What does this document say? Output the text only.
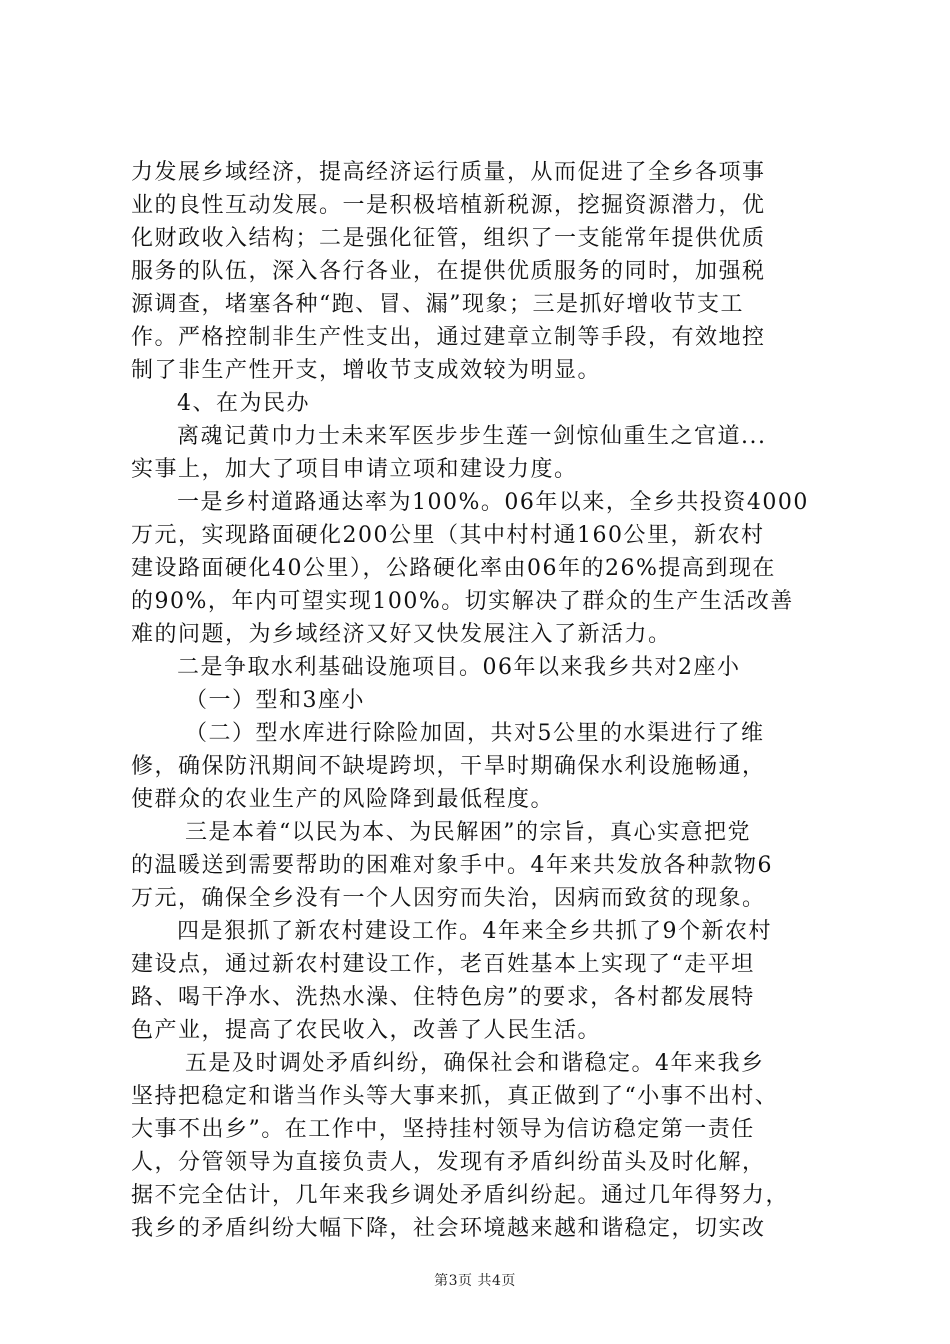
力发展乡域经济，提高经济运行质量，从而促进了全乡各项事
业的良性互动发展。一是积极培植新税源，挖掘资源潜力，优
化财政收入结构；二是强化征管，组织了一支能常年提供优质
服务的队伍，深入各行各业，在提供优质服务的同时，加强税
源调查，堵塞各种“跑、冒、漏”现象；三是抓好增收节支工
作。严格控制非生产性支出，通过建章立制等手段，有效地控
制了非生产性开支，增收节支成效较为明显。
4、在为民办
离魂记黄巾力士未来军医步步生莲一剑惊仙重生之官道...
实事上，加大了项目申请立项和建设力度。
一是乡村道路通达率为100%。06年以来，全乡共投资4000
万元，实现路面硬化200公里（其中村村通160公里，新农村
建设路面硬化40公里），公路硬化率由06年的26%提高到现在
的90%，年内可望实现100%。切实解决了群众的生产生活改善
难的问题，为乡域经济又好又快发展注入了新活力。
二是争取水利基础设施项目。06年以来我乡共对2座小
（一）型和3座小
（二）型水库进行除险加固，共对5公里的水渠进行了维
修，确保防汛期间不缺堤跨坝，干旱时期确保水利设施畅通，
使群众的农业生产的风险降到最低程度。
三是本着“以民为本、为民解困”的宗旨，真心实意把党
的温暖送到需要帮助的困难对象手中。4年来共发放各种款物6
万元，确保全乡没有一个人因穷而失治，因病而致贫的现象。
四是狠抓了新农村建设工作。4年来全乡共抓了9个新农村
建设点，通过新农村建设工作，老百姓基本上实现了“走平坦
路、喝干净水、洗热水澡、住特色房”的要求，各村都发展特
色产业，提高了农民收入，改善了人民生活。
五是及时调处矛盾纠纷，确保社会和谐稳定。4年来我乡
坚持把稳定和谐当作头等大事来抓，真正做到了“小事不出村、
大事不出乡”。在工作中，坚持挂村领导为信访稳定第一责任
人，分管领导为直接负责人，发现有矛盾纠纷苗头及时化解，
据不完全估计，几年来我乡调处矛盾纠纷起。通过几年得努力，
我乡的矛盾纠纷大幅下降，社会环境越来越和谐稳定，切实改
第3页 共4页
